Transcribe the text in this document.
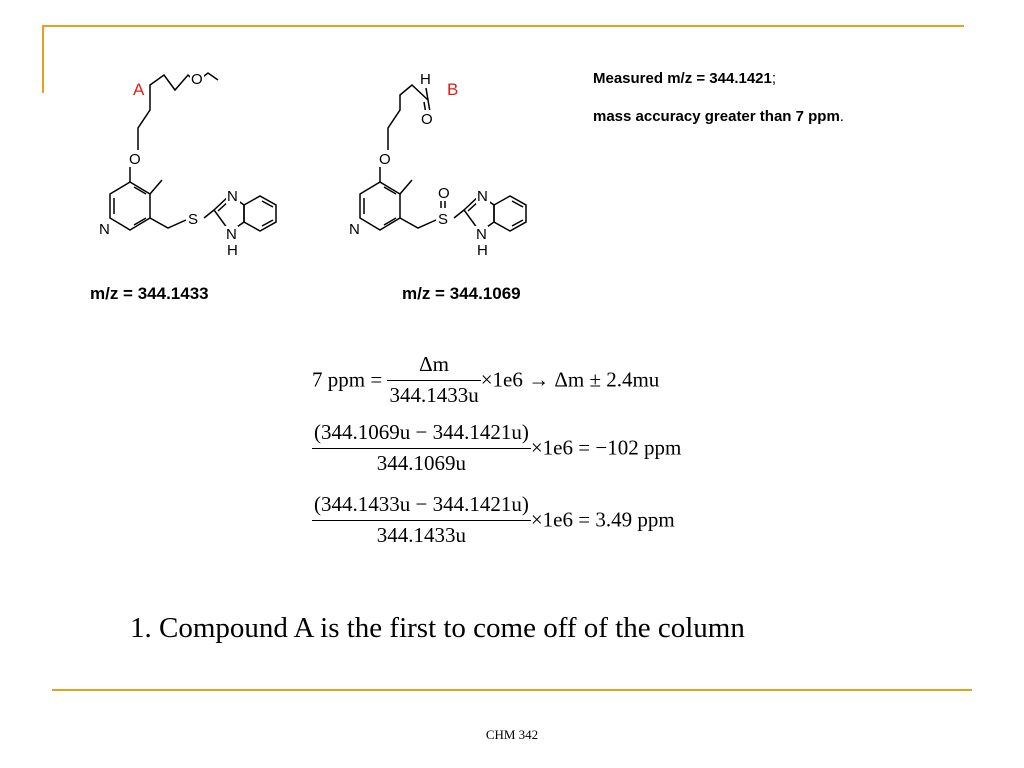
A	B
O
O
N
S
N
N
H
H
O
O
N
S
O N
N
H
m/z = 344.1433	m/z = 344.1069
Measured m/z = 344.1421;
mass accuracy greater than 7 ppm.
7 ppm = $\frac{\Delta m}{344.1433u} \times 1e6 \to \Delta m \pm 2.4mu$
$\frac{(344.1069u - 344.1421u)}{344.1069u} \times 1e6 = -102$ ppm
$\frac{(344.1433u - 344.1421u)}{344.1433u} \times 1e6 = 3.49$ ppm
1. Compound A is the first to come off of the column
CHM 342
